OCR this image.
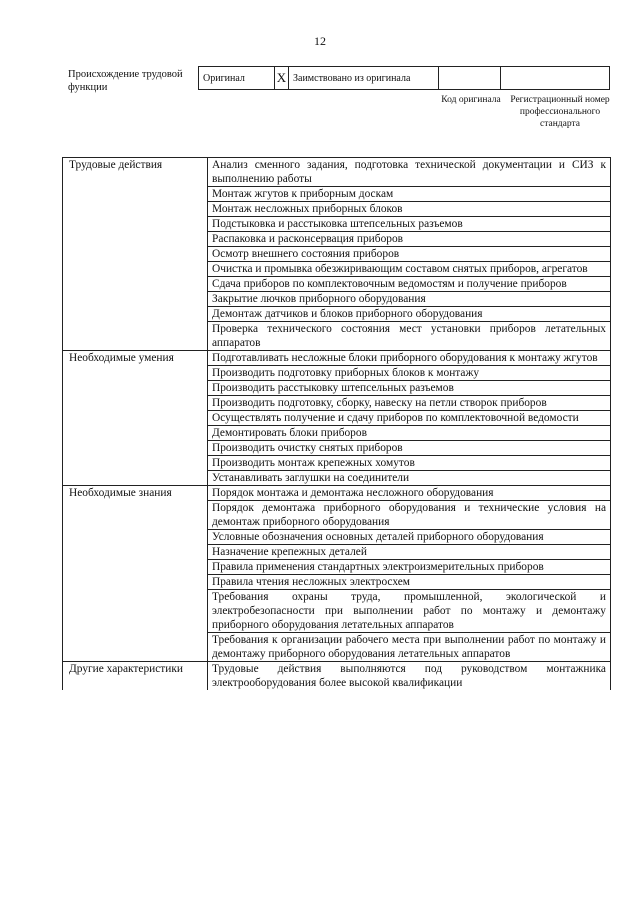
12
Происхождение трудовой функции
Оригинал	X	Заимствовано из оригинала		
Код оригинала Регистрационный номер профессионального стандарта
Трудовые действия	Анализ сменного задания, подготовка технической документации и СИЗ к выполнению работы
	Монтаж жгутов к приборным доскам
	Монтаж несложных приборных блоков
	Подстыковка и расстыковка штепсельных разъемов
	Распаковка и расконсервация приборов
	Осмотр внешнего состояния приборов
	Очистка и промывка обезжиривающим составом снятых приборов, агрегатов
	Сдача приборов по комплектовочным ведомостям и получение приборов
	Закрытие лючков приборного оборудования
	Демонтаж датчиков и блоков приборного оборудования
	Проверка технического состояния мест установки приборов летательных аппаратов
Необходимые умения	Подготавливать несложные блоки приборного оборудования к монтажу жгутов
	Производить подготовку приборных блоков к монтажу
	Производить расстыковку штепсельных разъемов
	Производить подготовку, сборку, навеску на петли створок приборов
	Осуществлять получение и сдачу приборов по комплектовочной ведомости
	Демонтировать блоки приборов
	Производить очистку снятых приборов
	Производить монтаж крепежных хомутов
	Устанавливать заглушки на соединители
Необходимые знания	Порядок монтажа и демонтажа несложного оборудования
	Порядок демонтажа приборного оборудования и технические условия на демонтаж приборного оборудования
	Условные обозначения основных деталей приборного оборудования
	Назначение крепежных деталей
	Правила применения стандартных электроизмерительных приборов
	Правила чтения несложных электросхем
	Требования охраны труда, промышленной, экологической и электробезопасности при выполнении работ по монтажу и демонтажу приборного оборудования летательных аппаратов
	Требования к организации рабочего места при выполнении работ по монтажу и демонтажу приборного оборудования летательных аппаратов
Другие характеристики	Трудовые действия выполняются под руководством монтажника электрооборудования более высокой квалификации
